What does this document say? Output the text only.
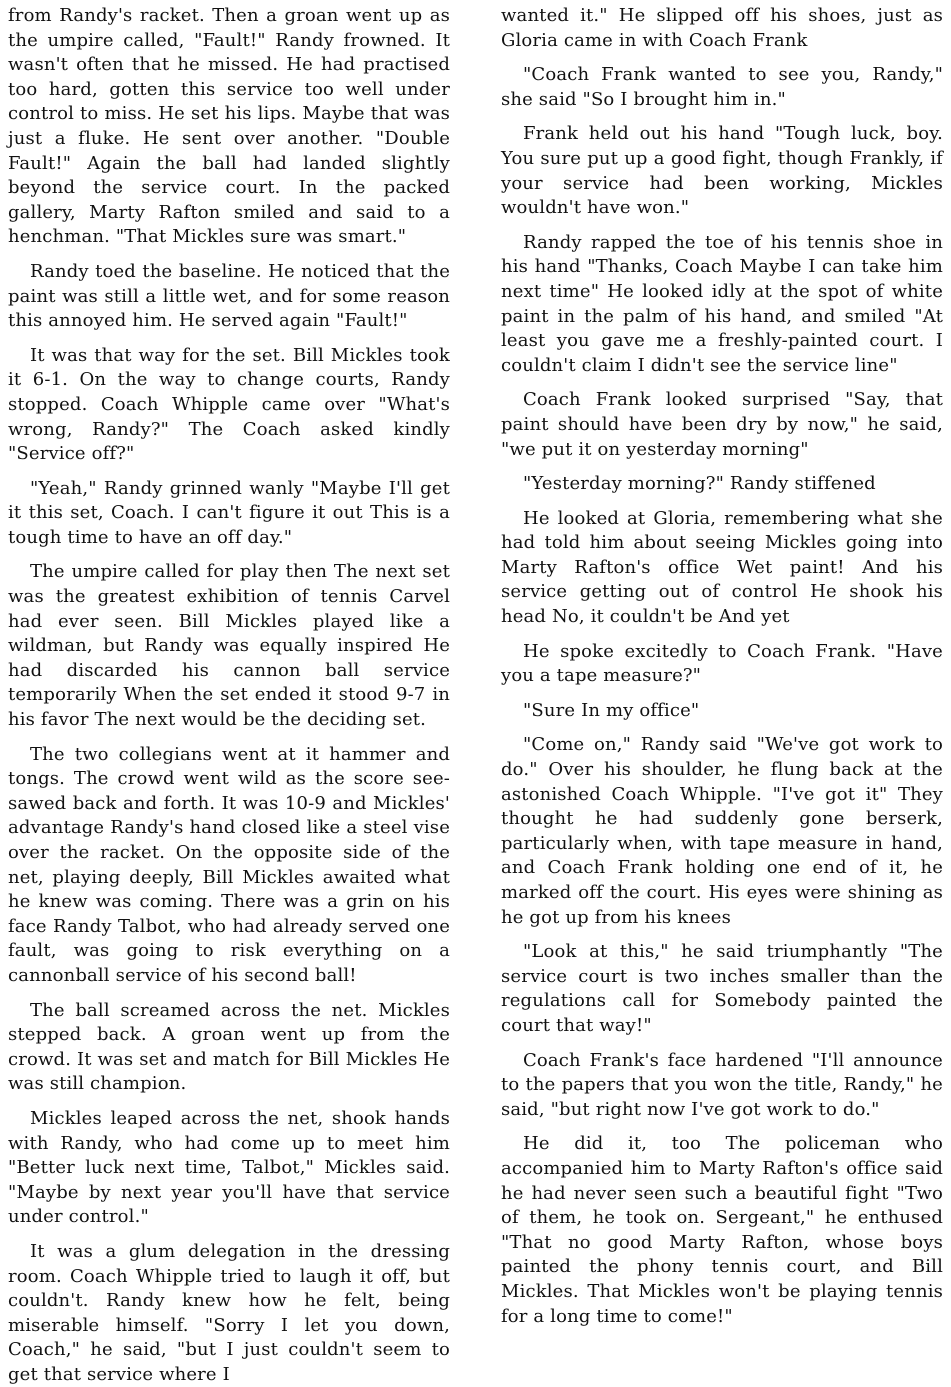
from Randy's racket. Then a groan went up as the umpire called, "Fault!" Randy frowned. It wasn't often that he missed. He had practised too hard, gotten this service too well under control to miss. He set his lips. Maybe that was just a fluke. He sent over another. "Double Fault!" Again the ball had landed slightly beyond the service court. In the packed gallery, Marty Rafton smiled and said to a henchman. "That Mickles sure was smart."

Randy toed the baseline. He noticed that the paint was still a little wet, and for some reason this annoyed him. He served again "Fault!"

It was that way for the set. Bill Mickles took it 6-1. On the way to change courts, Randy stopped. Coach Whipple came over "What's wrong, Randy?" The Coach asked kindly "Service off?"

"Yeah," Randy grinned wanly "Maybe I'll get it this set, Coach. I can't figure it out This is a tough time to have an off day."

The umpire called for play then The next set was the greatest exhibition of tennis Carvel had ever seen. Bill Mickles played like a wildman, but Randy was equally inspired He had discarded his cannon ball service temporarily When the set ended it stood 9-7 in his favor The next would be the deciding set.

The two collegians went at it hammer and tongs. The crowd went wild as the score see-sawed back and forth. It was 10-9 and Mickles' advantage Randy's hand closed like a steel vise over the racket. On the opposite side of the net, playing deeply, Bill Mickles awaited what he knew was coming. There was a grin on his face Randy Talbot, who had already served one fault, was going to risk everything on a cannonball service of his second ball!

The ball screamed across the net. Mickles stepped back. A groan went up from the crowd. It was set and match for Bill Mickles He was still champion.

Mickles leaped across the net, shook hands with Randy, who had come up to meet him "Better luck next time, Talbot," Mickles said. "Maybe by next year you'll have that service under control."

It was a glum delegation in the dressing room. Coach Whipple tried to laugh it off, but couldn't. Randy knew how he felt, being miserable himself. "Sorry I let you down, Coach," he said, "but I just couldn't seem to get that service where I

wanted it." He slipped off his shoes, just as Gloria came in with Coach Frank

"Coach Frank wanted to see you, Randy," she said "So I brought him in."

Frank held out his hand "Tough luck, boy. You sure put up a good fight, though Frankly, if your service had been working, Mickles wouldn't have won."

Randy rapped the toe of his tennis shoe in his hand "Thanks, Coach Maybe I can take him next time" He looked idly at the spot of white paint in the palm of his hand, and smiled "At least you gave me a freshly-painted court. I couldn't claim I didn't see the service line"

Coach Frank looked surprised "Say, that paint should have been dry by now," he said, "we put it on yesterday morning"

"Yesterday morning?" Randy stiffened

He looked at Gloria, remembering what she had told him about seeing Mickles going into Marty Rafton's office Wet paint! And his service getting out of control He shook his head No, it couldn't be And yet

He spoke excitedly to Coach Frank. "Have you a tape measure?"

"Sure In my office"

"Come on," Randy said "We've got work to do." Over his shoulder, he flung back at the astonished Coach Whipple. "I've got it" They thought he had suddenly gone berserk, particularly when, with tape measure in hand, and Coach Frank holding one end of it, he marked off the court. His eyes were shining as he got up from his knees

"Look at this," he said triumphantly "The service court is two inches smaller than the regulations call for Somebody painted the court that way!"

Coach Frank's face hardened "I'll announce to the papers that you won the title, Randy," he said, "but right now I've got work to do."

He did it, too The policeman who accompanied him to Marty Rafton's office said he had never seen such a beautiful fight "Two of them, he took on. Sergeant," he enthused "That no good Marty Rafton, whose boys painted the phony tennis court, and Bill Mickles. That Mickles won't be playing tennis for a long time to come!"
